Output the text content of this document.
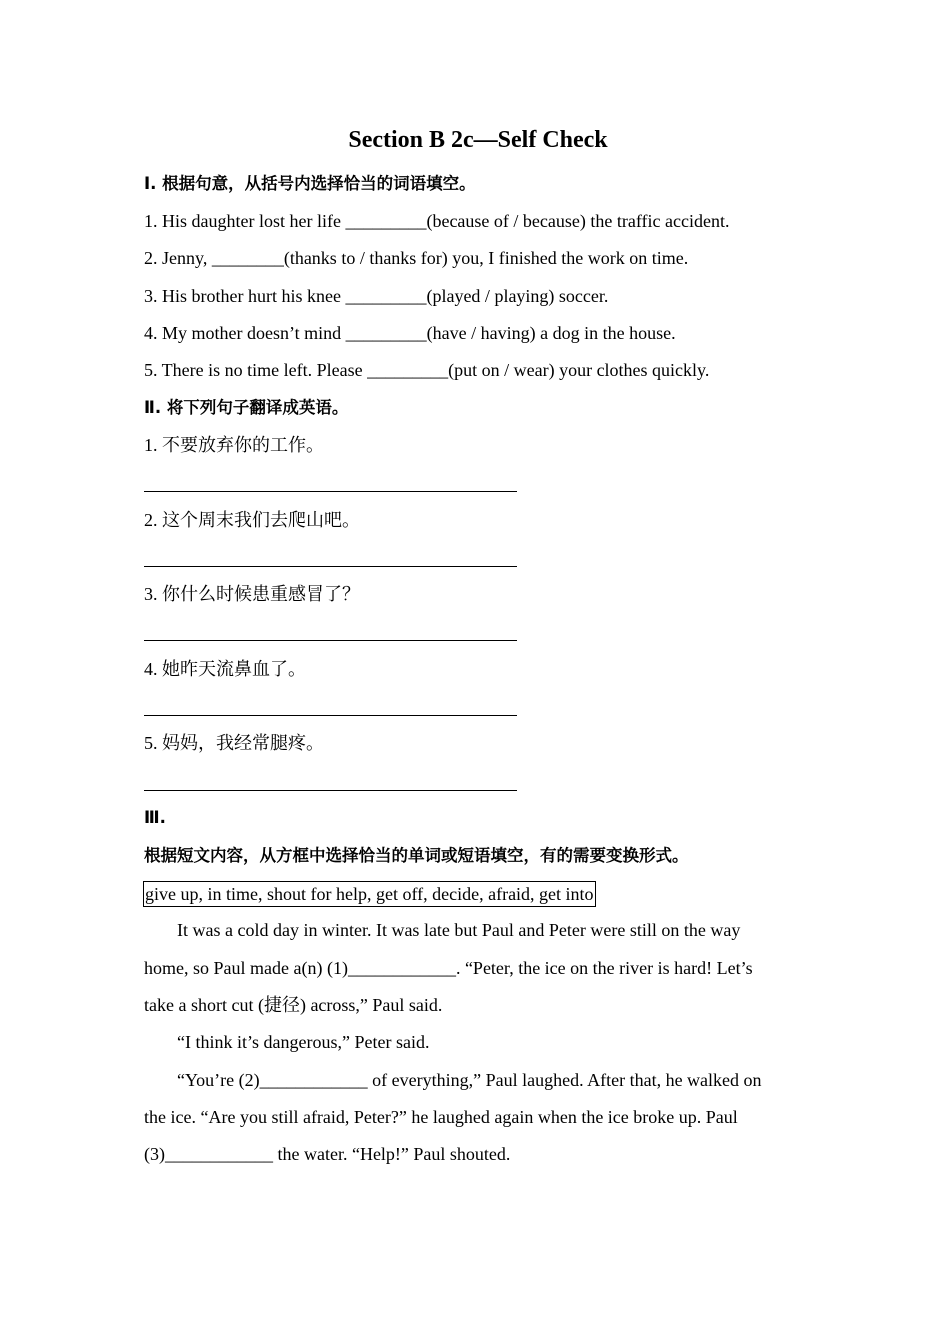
Section B 2c—Self Check
Ⅰ. 根据句意，从括号内选择恰当的词语填空。
1. His daughter lost her life _________(because of / because) the traffic accident.
2. Jenny, ________(thanks to / thanks for) you, I finished the work on time.
3. His brother hurt his knee _________(played / playing) soccer.
4. My mother doesn’t mind _________(have / having) a dog in the house.
5. There is no time left. Please _________(put on / wear) your clothes quickly.
Ⅱ. 将下列句子翻译成英语。
1. 不要放弃你的工作。
2. 这个周末我们去爬山吧。
3. 你什么时候患重感冒了？
4. 她昨天流鼻血了。
5. 妈妈，我经常腿疼。
Ⅲ.
根据短文内容，从方框中选择恰当的单词或短语填空，有的需要变换形式。
give up, in time, shout for help, get off, decide, afraid, get into
It was a cold day in winter. It was late but Paul and Peter were still on the way
home, so Paul made a(n) (1)____________. “Peter, the ice on the river is hard! Let’s
take a short cut (捷径) across,” Paul said.
“I think it’s dangerous,” Peter said.
“You’re (2)____________ of everything,” Paul laughed. After that, he walked on
the ice. “Are you still afraid, Peter?” he laughed again when the ice broke up. Paul
(3)____________ the water. “Help!” Paul shouted.
